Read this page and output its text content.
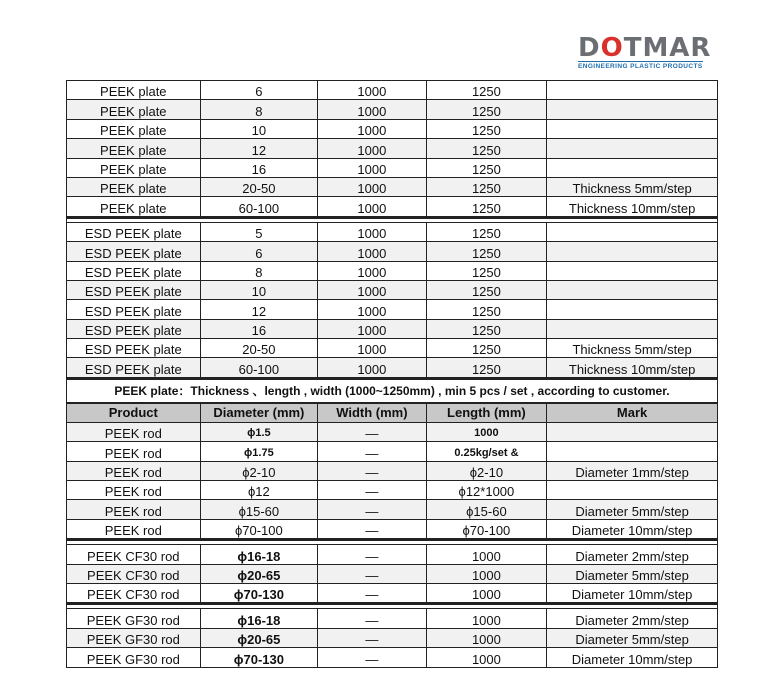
DOTMAR
ENGINEERING PLASTIC PRODUCTS
PEEK plate	6	1000	1250	
PEEK plate	8	1000	1250	
PEEK plate	10	1000	1250	
PEEK plate	12	1000	1250	
PEEK plate	16	1000	1250	
PEEK plate	20-50	1000	1250	Thickness 5mm/step
PEEK plate	60-100	1000	1250	Thickness 10mm/step
ESD PEEK plate	5	1000	1250	
ESD PEEK plate	6	1000	1250	
ESD PEEK plate	8	1000	1250	
ESD PEEK plate	10	1000	1250	
ESD PEEK plate	12	1000	1250	
ESD PEEK plate	16	1000	1250	
ESD PEEK plate	20-50	1000	1250	Thickness 5mm/step
ESD PEEK plate	60-100	1000	1250	Thickness 10mm/step
PEEK plate：Thickness 、length , width (1000~1250mm) , min 5 pcs / set , according to customer.
Product	Diameter (mm)	Width (mm)	Length (mm)	Mark
PEEK rod	ϕ1.5	—	1000	
PEEK rod	ϕ1.75	—	0.25kg/set &	
PEEK rod	ϕ2-10	—	ϕ2-10	Diameter 1mm/step
PEEK rod	ϕ12	—	ϕ12*1000	
PEEK rod	ϕ15-60	—	ϕ15-60	Diameter 5mm/step
PEEK rod	ϕ70-100	—	ϕ70-100	Diameter 10mm/step
PEEK CF30 rod	ϕ16-18	—	1000	Diameter 2mm/step
PEEK CF30 rod	ϕ20-65	—	1000	Diameter 5mm/step
PEEK CF30 rod	ϕ70-130	—	1000	Diameter 10mm/step
PEEK GF30 rod	ϕ16-18	—	1000	Diameter 2mm/step
PEEK GF30 rod	ϕ20-65	—	1000	Diameter 5mm/step
PEEK GF30 rod	ϕ70-130	—	1000	Diameter 10mm/step
